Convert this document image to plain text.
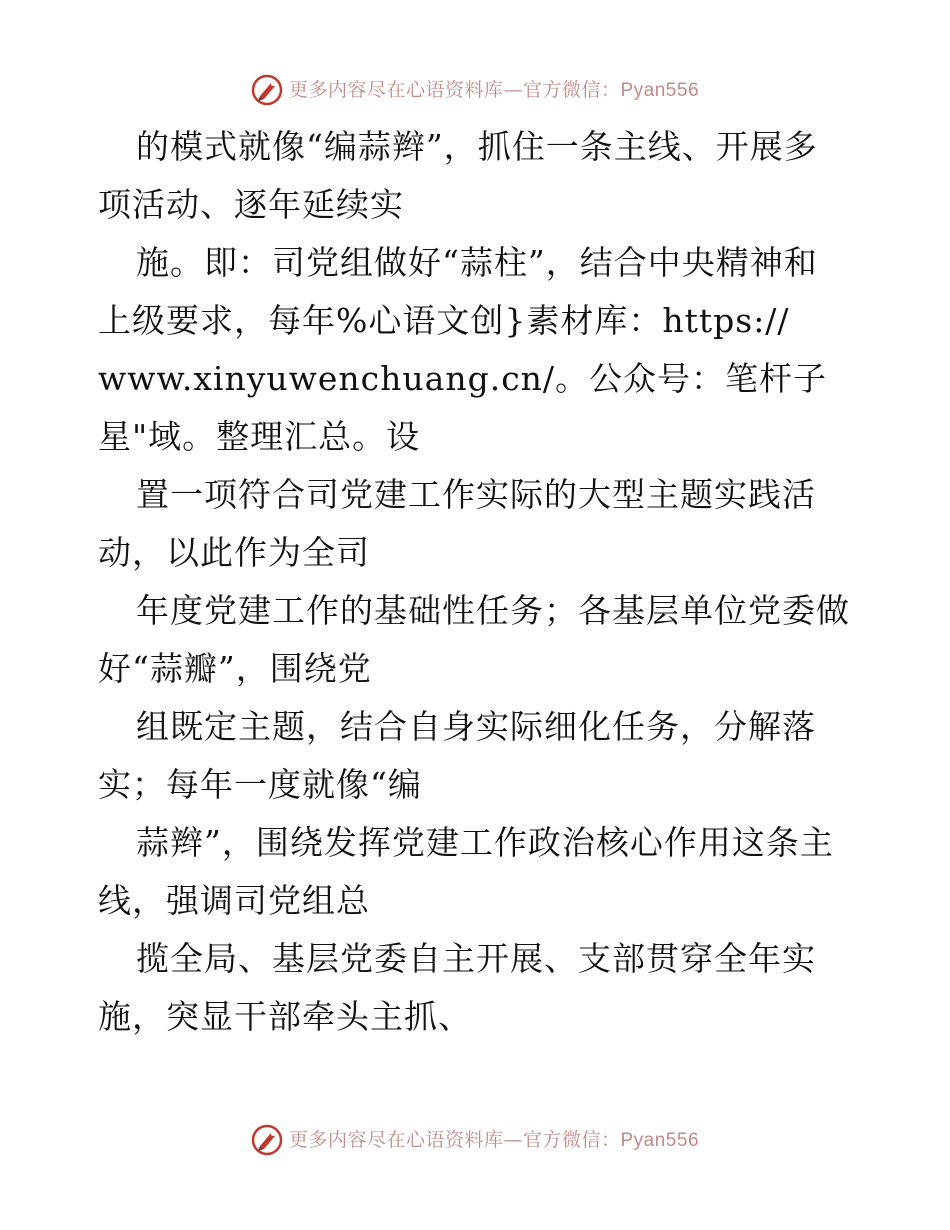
更多内容尽在心语资料库—官方微信：Pyan556
的模式就像“编蒜辫”，抓住一条主线、开展多
项活动、逐年延续实
施。即：司党组做好“蒜柱”，结合中央精神和
上级要求，每年%心语文创}素材库：https://
www.xinyuwenchuang.cn/。公众号：笔杆子
星"域。整理汇总。设
置一项符合司党建工作实际的大型主题实践活
动，以此作为全司
年度党建工作的基础性任务；各基层单位党委做
好“蒜瓣”，围绕党
组既定主题，结合自身实际细化任务，分解落
实；每年一度就像“编
蒜辫”，围绕发挥党建工作政治核心作用这条主
线，强调司党组总
揽全局、基层党委自主开展、支部贯穿全年实
施，突显干部牵头主抓、
更多内容尽在心语资料库—官方微信：Pyan556
